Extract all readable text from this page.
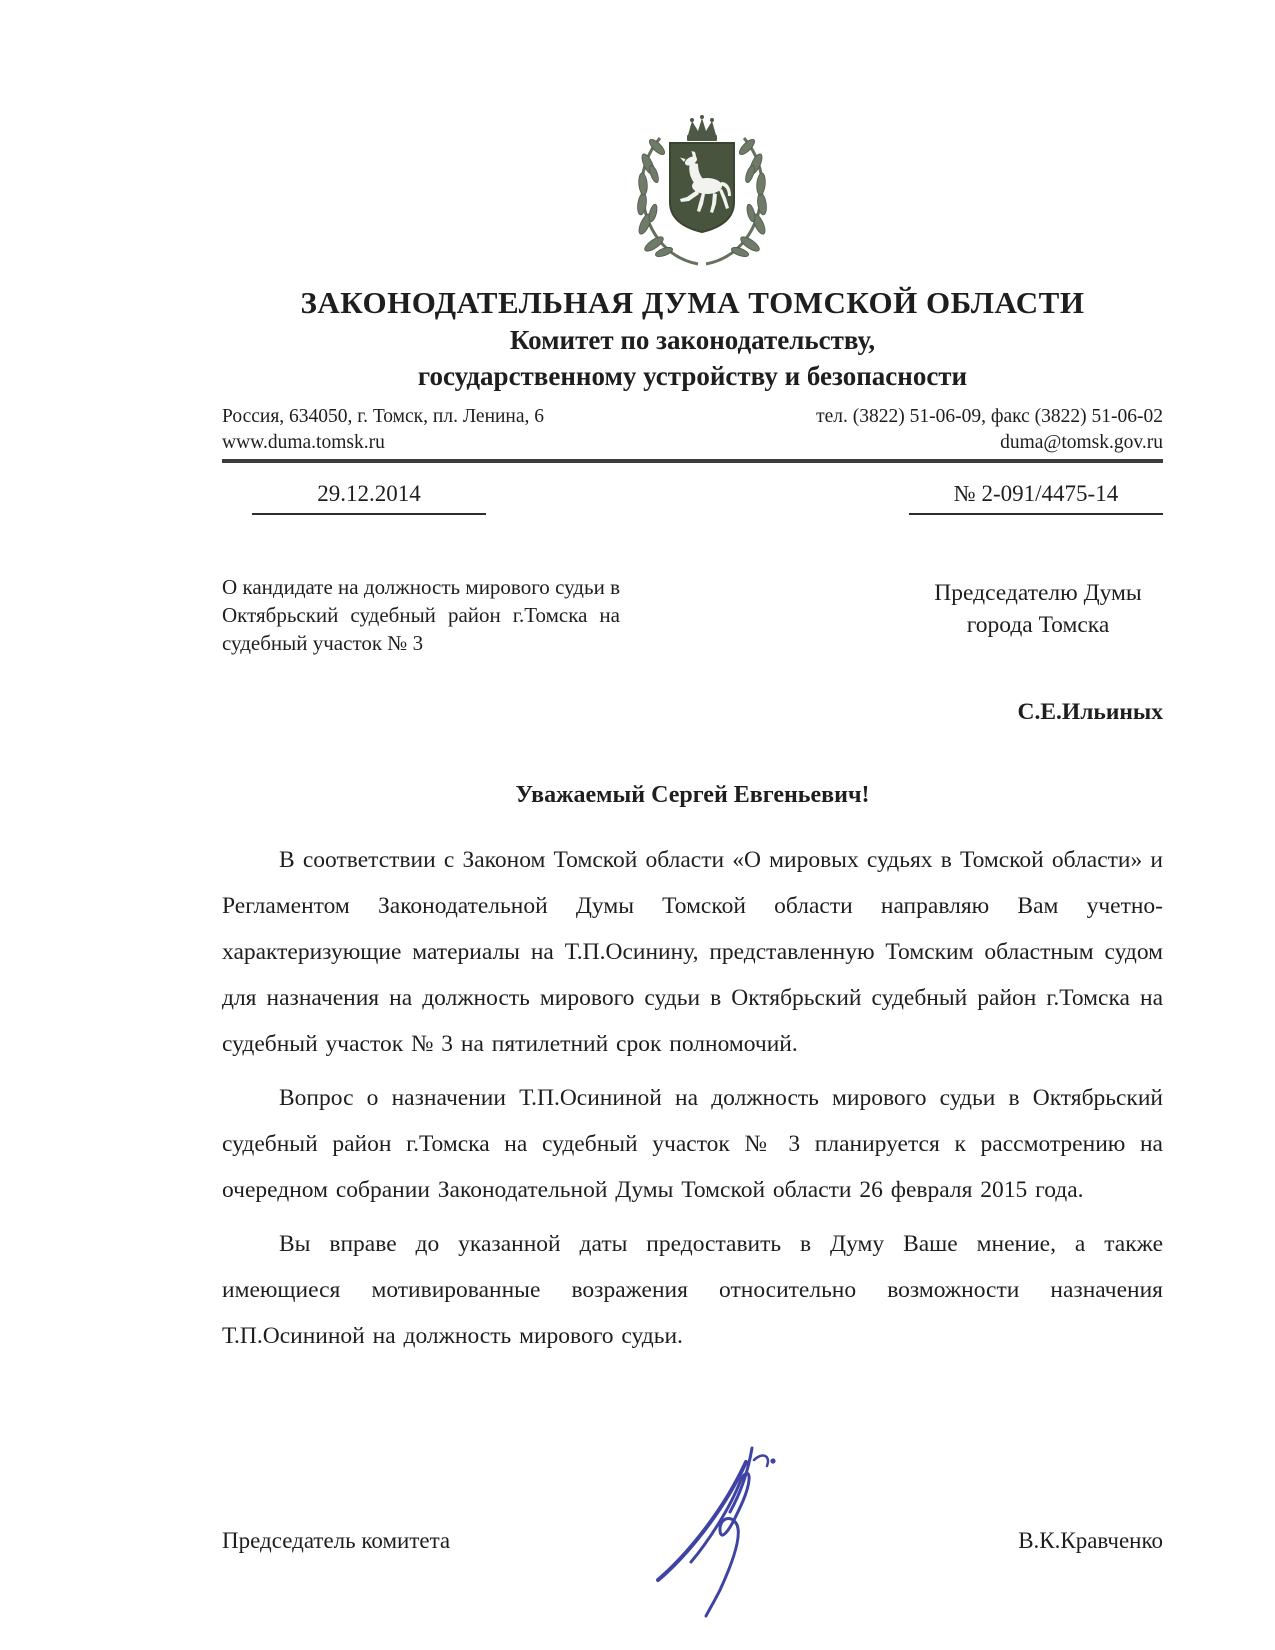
ЗАКОНОДАТЕЛЬНАЯ ДУМА ТОМСКОЙ ОБЛАСТИ
Комитет по законодательству,
государственному устройству и безопасности
Россия, 634050, г. Томск, пл. Ленина, 6	тел. (3822) 51-06-09, факс (3822) 51-06-02
www.duma.tomsk.ru	duma@tomsk.gov.ru
29.12.2014	№ 2-091/4475-14
О кандидате на должность мирового судьи в Октябрьский судебный район г.Томска на судебный участок № 3
Председателю Думы
города Томска
С.Е.Ильиных
Уважаемый Сергей Евгеньевич!

В соответствии с Законом Томской области «О мировых судьях в Томской области» и Регламентом Законодательной Думы Томской области направляю Вам учетно-характеризующие материалы на Т.П.Осинину, представленную Томским областным судом для назначения на должность мирового судьи в Октябрьский судебный район г.Томска на судебный участок № 3 на пятилетний срок полномочий.

Вопрос о назначении Т.П.Осининой на должность мирового судьи в Октябрьский судебный район г.Томска на судебный участок № 3 планируется к рассмотрению на очередном собрании Законодательной Думы Томской области 26 февраля 2015 года.

Вы вправе до указанной даты предоставить в Думу Ваше мнение, а также имеющиеся мотивированные возражения относительно возможности назначения Т.П.Осининой на должность мирового судьи.

Председатель комитета	В.К.Кравченко
